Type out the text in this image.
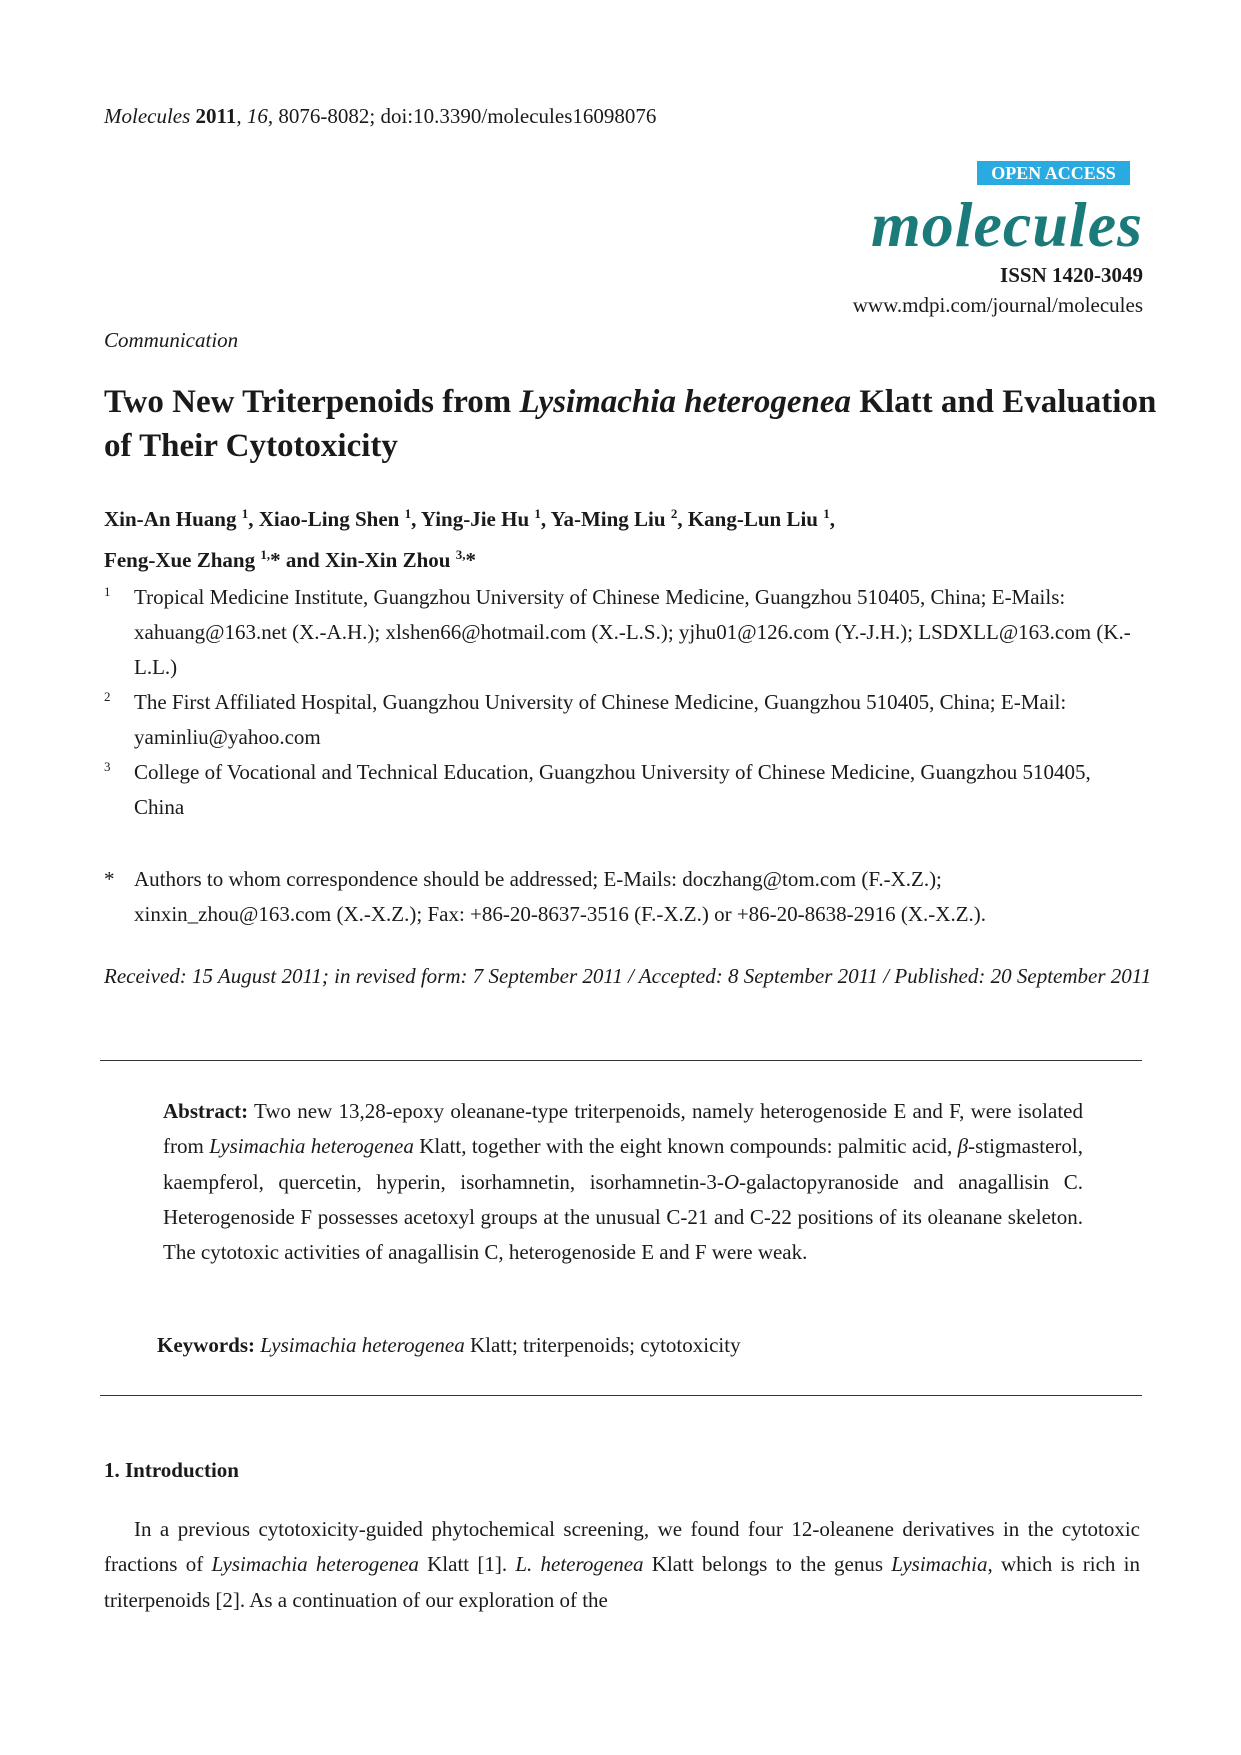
Molecules 2011, 16, 8076-8082; doi:10.3390/molecules16098076
OPEN ACCESS
molecules
ISSN 1420-3049
www.mdpi.com/journal/molecules
Communication
Two New Triterpenoids from Lysimachia heterogenea Klatt and Evaluation of Their Cytotoxicity
Xin-An Huang $^1$, Xiao-Ling Shen $^1$, Ying-Jie Hu $^1$, Ya-Ming Liu $^2$, Kang-Lun Liu $^1$,
Feng-Xue Zhang $^{1,}$* and Xin-Xin Zhou $^{3,}$*
1 Tropical Medicine Institute, Guangzhou University of Chinese Medicine, Guangzhou 510405, China; E-Mails: xahuang@163.net (X.-A.H.); xlshen66@hotmail.com (X.-L.S.); yjhu01@126.com (Y.-J.H.); LSDXLL@163.com (K.-L.L.)
2 The First Affiliated Hospital, Guangzhou University of Chinese Medicine, Guangzhou 510405, China; E-Mail: yaminliu@yahoo.com
3 College of Vocational and Technical Education, Guangzhou University of Chinese Medicine, Guangzhou 510405, China
* Authors to whom correspondence should be addressed; E-Mails: doczhang@tom.com (F.-X.Z.); xinxin_zhou@163.com (X.-X.Z.); Fax: +86-20-8637-3516 (F.-X.Z.) or +86-20-8638-2916 (X.-X.Z.).
Received: 15 August 2011; in revised form: 7 September 2011 / Accepted: 8 September 2011 / Published: 20 September 2011
Abstract: Two new 13,28-epoxy oleanane-type triterpenoids, namely heterogenoside E and F, were isolated from Lysimachia heterogenea Klatt, together with the eight known compounds: palmitic acid, β-stigmasterol, kaempferol, quercetin, hyperin, isorhamnetin, isorhamnetin-3-O-galactopyranoside and anagallisin C. Heterogenoside F possesses acetoxyl groups at the unusual C-21 and C-22 positions of its oleanane skeleton. The cytotoxic activities of anagallisin C, heterogenoside E and F were weak.
Keywords: Lysimachia heterogenea Klatt; triterpenoids; cytotoxicity
1. Introduction
In a previous cytotoxicity-guided phytochemical screening, we found four 12-oleanene derivatives in the cytotoxic fractions of Lysimachia heterogenea Klatt [1]. L. heterogenea Klatt belongs to the genus Lysimachia, which is rich in triterpenoids [2]. As a continuation of our exploration of the
